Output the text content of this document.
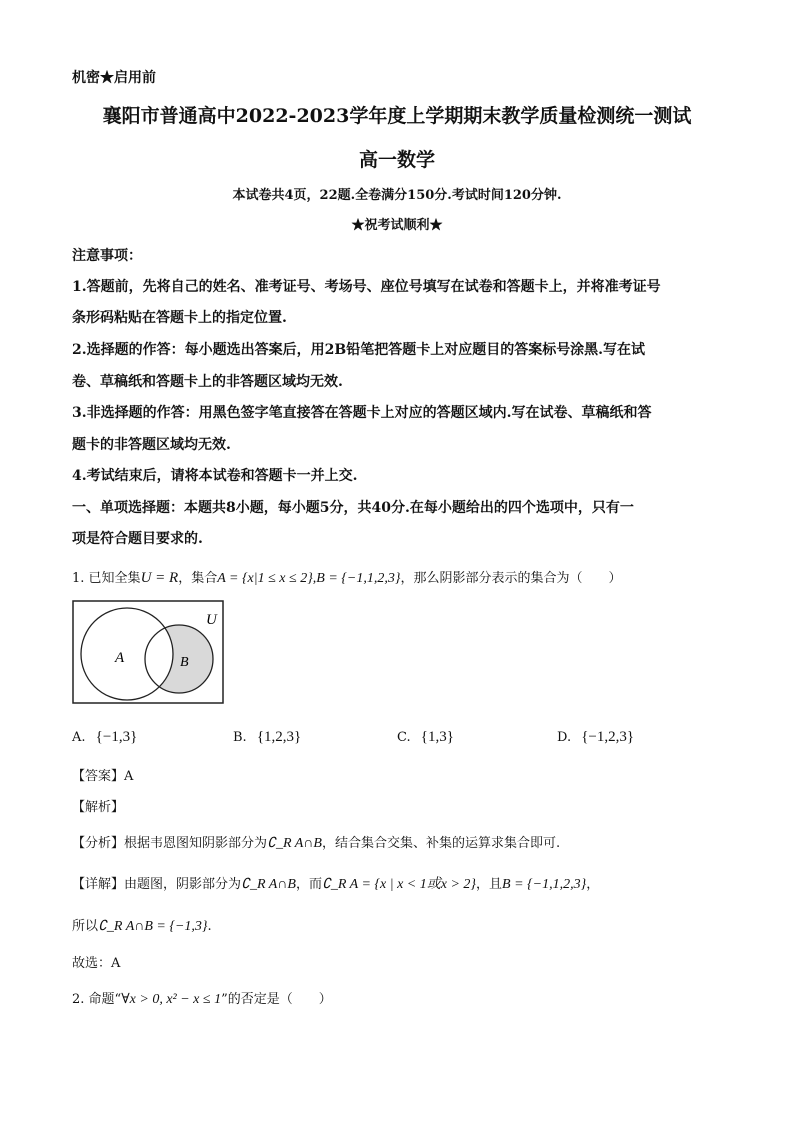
机密★启用前
襄阳市普通高中2022-2023学年度上学期期末教学质量检测统一测试
高一数学
本试卷共4页，22题.全卷满分150分.考试时间120分钟.
★祝考试顺利★
注意事项：
1.答题前，先将自己的姓名、准考证号、考场号、座位号填写在试卷和答题卡上，并将准考证号
条形码粘贴在答题卡上的指定位置.
2.选择题的作答：每小题选出答案后，用2B铅笔把答题卡上对应题目的答案标号涂黑.写在试
卷、草稿纸和答题卡上的非答题区域均无效.
3.非选择题的作答：用黑色签字笔直接答在答题卡上对应的答题区域内.写在试卷、草稿纸和答
题卡的非答题区域均无效.
4.考试结束后，请将本试卷和答题卡一并上交.
一、单项选择题：本题共8小题，每小题5分，共40分.在每小题给出的四个选项中，只有一
项是符合题目要求的.
1. 已知全集U = R，集合A = {x|1 ≤ x ≤ 2},B = {−1,1,2,3}，那么阴影部分表示的集合为（　　）
U
A	B
A. {−1,3}	B. {1,2,3}	C. {1,3}	D. {−1,2,3}
【答案】A
【解析】
【分析】根据韦恩图知阴影部分为∁_R A∩B，结合集合交集、补集的运算求集合即可.
【详解】由题图，阴影部分为∁_R A∩B，而∁_R A = {x | x < 1或x > 2}，且B = {−1,1,2,3}，
所以∁_R A∩B = {−1,3}.
故选：A
2. 命题“∀x > 0, x² − x ≤ 1”的否定是（　　）
